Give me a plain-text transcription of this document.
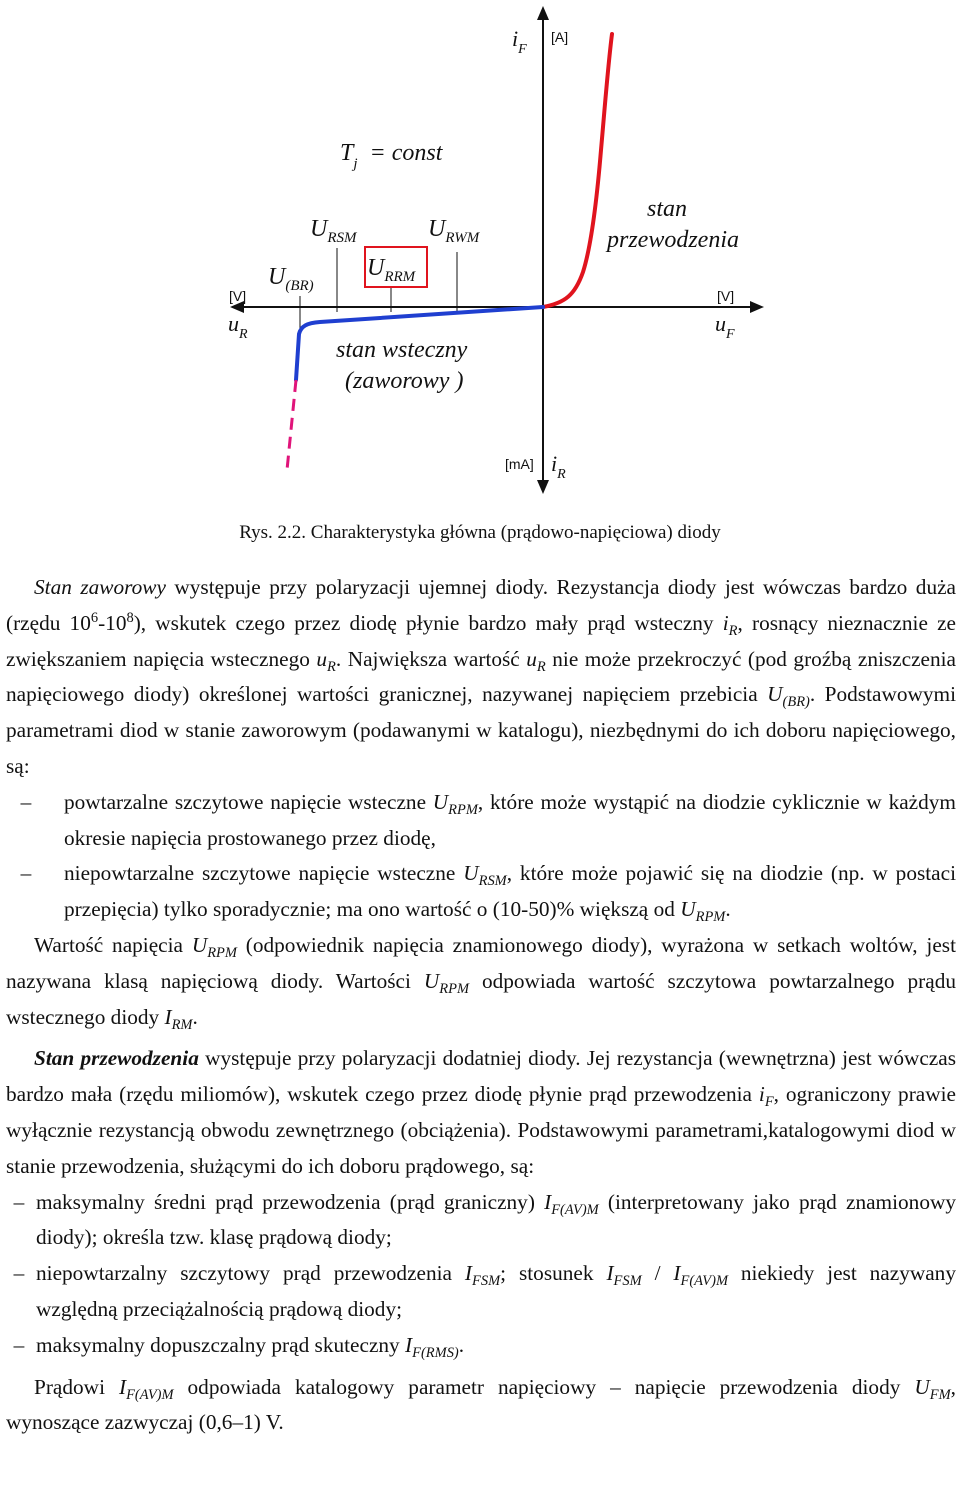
$i_F$
[A]
$T_j$ = const
stan przewodzenia
$U_{(BR)}$
$U_{RSM}$
$U_{RRM}$
$U_{RWM}$
[V]
$u_R$
[V]
$u_F$
stan wsteczny (zaworowy )
[mA] $i_R$

Rys. 2.2. Charakterystyka główna (prądowo-napięciowa) diody

Stan zaworowy występuje przy polaryzacji ujemnej diody. Rezystancja diody jest wówczas bardzo duża (rzędu $10^6-10^8$), wskutek czego przez diodę płynie bardzo mały prąd wsteczny $i_R$, rosnący nieznacznie ze zwiększaniem napięcia wstecznego $u_R$. Największa wartość $u_R$ nie może przekroczyć (pod groźbą zniszczenia napięciowego diody) określonej wartości granicznej, nazywanej napięciem przebicia $U_{(BR)}$. Podstawowymi parametrami diod w stanie zaworowym (podawanymi w katalogu), niezbędnymi do ich doboru napięciowego, są:

–	powtarzalne szczytowe napięcie wsteczne $U_{RPM}$, które może wystąpić na diodzie cyklicznie w każdym okresie napięcia prostowanego przez diodę,
–	niepowtarzalne szczytowe napięcie wsteczne $U_{RSM}$, które może pojawić się na diodzie (np. w postaci przepięcia) tylko sporadycznie; ma ono wartość o (10-50)% większą od $U_{RPM}$.

Wartość napięcia $U_{RPM}$ (odpowiednik napięcia znamionowego diody), wyrażona w setkach woltów, jest nazywana klasą napięciową diody. Wartości $U_{RPM}$ odpowiada wartość szczytowa powtarzalnego prądu wstecznego diody $I_{RM}$.

Stan przewodzenia występuje przy polaryzacji dodatniej diody. Jej rezystancja (wewnętrzna) jest wówczas bardzo mała (rzędu miliomów), wskutek czego przez diodę płynie prąd przewodzenia $i_F$, ograniczony prawie wyłącznie rezystancją obwodu zewnętrznego (obciążenia). Podstawowymi parametrami,katalogowymi diod w stanie przewodzenia, służącymi do ich doboru prądowego, są:

– maksymalny średni prąd przewodzenia (prąd graniczny) $I_{F(AV)M}$ (interpretowany jako prąd znamionowy diody); określa tzw. klasę prądową diody;
– niepowtarzalny szczytowy prąd przewodzenia $I_{FSM}$; stosunek $I_{FSM} / I_{F(AV)M}$ niekiedy jest nazywany względną przeciążalnością prądową diody;
– maksymalny dopuszczalny prąd skuteczny $I_{F(RMS)}$.

Prądowi $I_{F(AV)M}$ odpowiada katalogowy parametr napięciowy – napięcie przewodzenia diody $U_{FM}$, wynoszące zazwyczaj (0,6–1) V.
